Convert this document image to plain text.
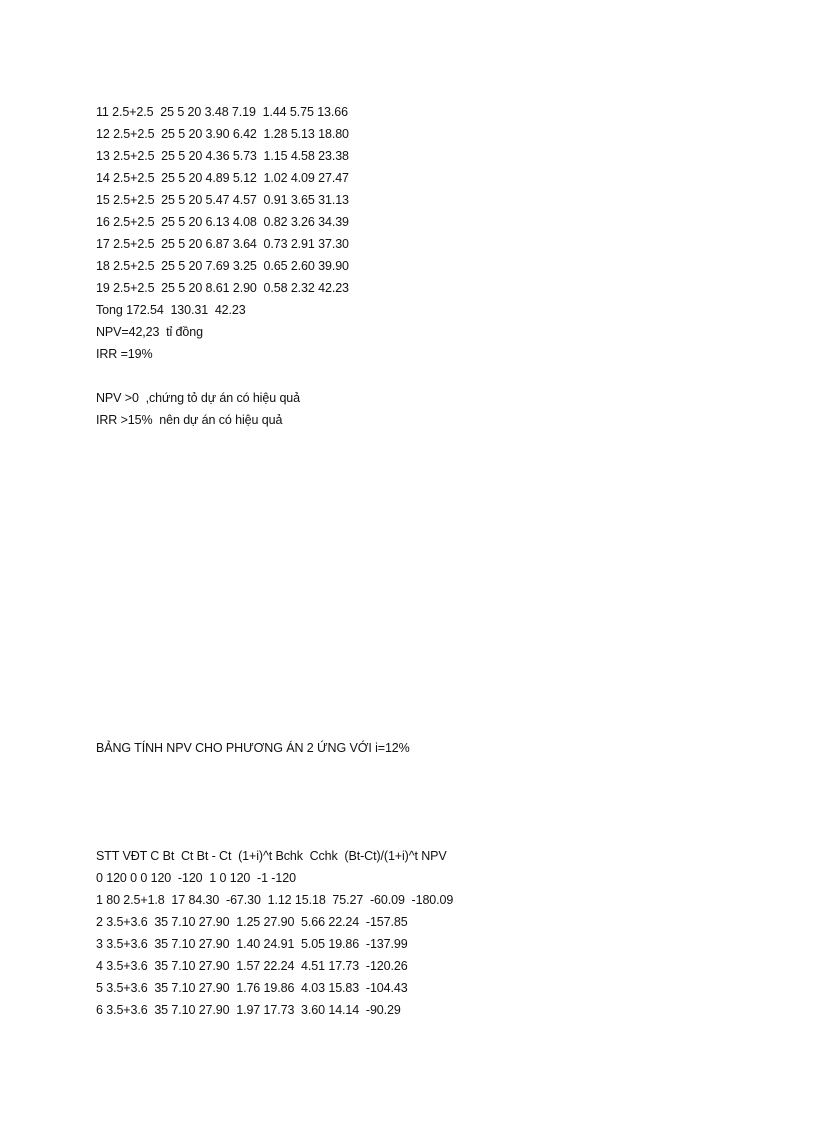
11 2.5+2.5  25 5 20 3.48 7.19  1.44 5.75 13.66
12 2.5+2.5  25 5 20 3.90 6.42  1.28 5.13 18.80
13 2.5+2.5  25 5 20 4.36 5.73  1.15 4.58 23.38
14 2.5+2.5  25 5 20 4.89 5.12  1.02 4.09 27.47
15 2.5+2.5  25 5 20 5.47 4.57  0.91 3.65 31.13
16 2.5+2.5  25 5 20 6.13 4.08  0.82 3.26 34.39
17 2.5+2.5  25 5 20 6.87 3.64  0.73 2.91 37.30
18 2.5+2.5  25 5 20 7.69 3.25  0.65 2.60 39.90
19 2.5+2.5  25 5 20 8.61 2.90  0.58 2.32 42.23
Tong 172.54  130.31  42.23
NPV=42,23  tỉ đồng
IRR =19%
NPV >0  ,chứng tỏ dự án có hiệu quả
IRR >15%  nên dự án có hiệu quả
BẢNG TÍNH NPV CHO PHƯƠNG ÁN 2 ỨNG VỚI i=12%
STT VĐT C Bt  Ct Bt - Ct  (1+i)^t Bchk  Cchk  (Bt-Ct)/(1+i)^t NPV
0 120 0 0 120  -120  1 0 120  -1 -120
1 80 2.5+1.8  17 84.30  -67.30  1.12 15.18  75.27  -60.09  -180.09
2 3.5+3.6  35 7.10 27.90  1.25 27.90  5.66 22.24  -157.85
3 3.5+3.6  35 7.10 27.90  1.40 24.91  5.05 19.86  -137.99
4 3.5+3.6  35 7.10 27.90  1.57 22.24  4.51 17.73  -120.26
5 3.5+3.6  35 7.10 27.90  1.76 19.86  4.03 15.83  -104.43
6 3.5+3.6  35 7.10 27.90  1.97 17.73  3.60 14.14  -90.29
